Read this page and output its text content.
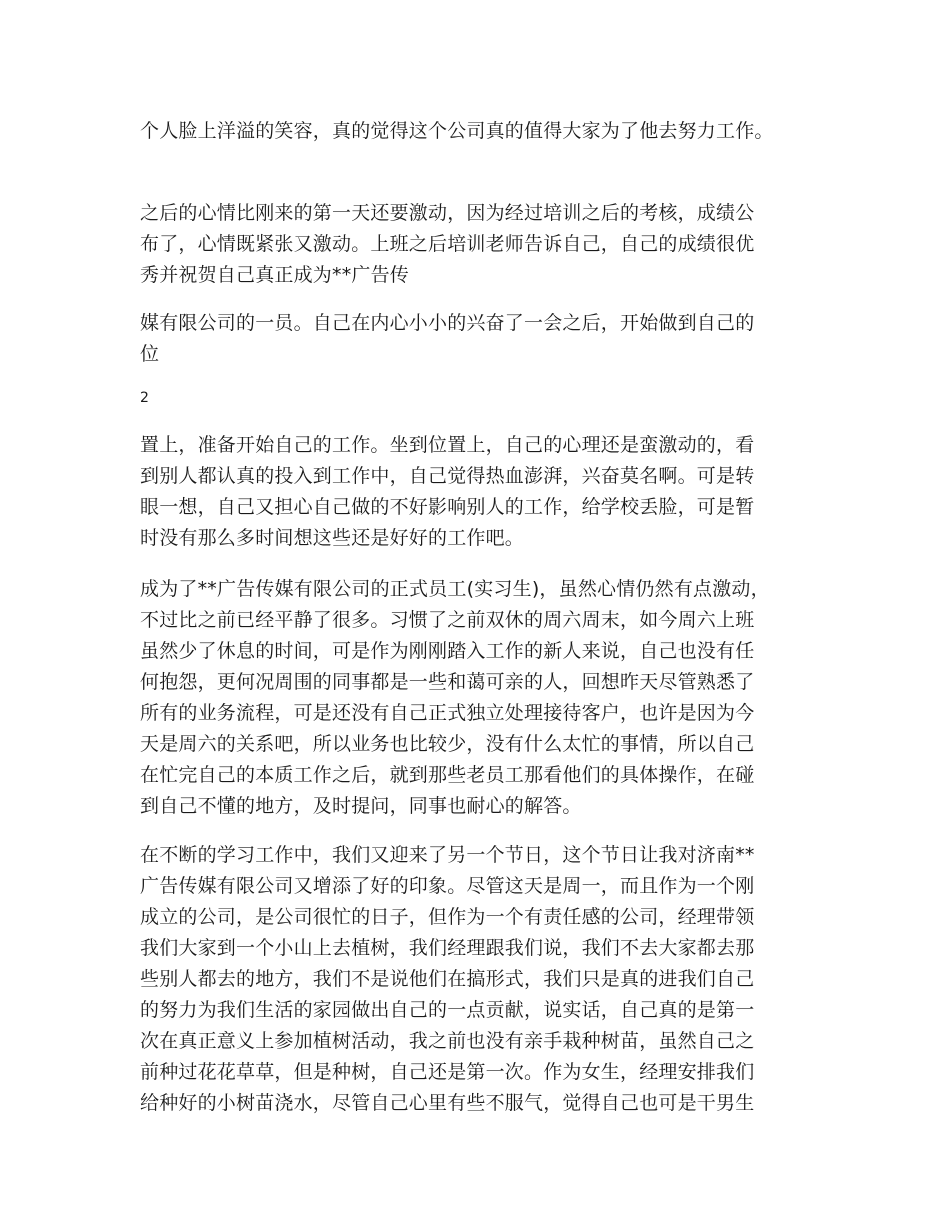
个人脸上洋溢的笑容，真的觉得这个公司真的值得大家为了他去努力工作。

之后的心情比刚来的第一天还要激动，因为经过培训之后的考核，成绩公
布了，心情既紧张又激动。上班之后培训老师告诉自己，自己的成绩很优
秀并祝贺自己真正成为**广告传

媒有限公司的一员。自己在内心小小的兴奋了一会之后，开始做到自己的
位

2

置上，准备开始自己的工作。坐到位置上，自己的心理还是蛮激动的，看
到别人都认真的投入到工作中，自己觉得热血澎湃，兴奋莫名啊。可是转
眼一想，自己又担心自己做的不好影响别人的工作，给学校丢脸，可是暂
时没有那么多时间想这些还是好好的工作吧。

成为了**广告传媒有限公司的正式员工(实习生)，虽然心情仍然有点激动，
不过比之前已经平静了很多。习惯了之前双休的周六周末，如今周六上班
虽然少了休息的时间，可是作为刚刚踏入工作的新人来说，自己也没有任
何抱怨，更何况周围的同事都是一些和蔼可亲的人，回想昨天尽管熟悉了
所有的业务流程，可是还没有自己正式独立处理接待客户，也许是因为今
天是周六的关系吧，所以业务也比较少，没有什么太忙的事情，所以自己
在忙完自己的本质工作之后，就到那些老员工那看他们的具体操作，在碰
到自己不懂的地方，及时提问，同事也耐心的解答。

在不断的学习工作中，我们又迎来了另一个节日，这个节日让我对济南**
广告传媒有限公司又增添了好的印象。尽管这天是周一，而且作为一个刚
成立的公司，是公司很忙的日子，但作为一个有责任感的公司，经理带领
我们大家到一个小山上去植树，我们经理跟我们说，我们不去大家都去那
些别人都去的地方，我们不是说他们在搞形式，我们只是真的进我们自己
的努力为我们生活的家园做出自己的一点贡献，说实话，自己真的是第一
次在真正意义上参加植树活动，我之前也没有亲手栽种树苗，虽然自己之
前种过花花草草，但是种树，自己还是第一次。作为女生，经理安排我们
给种好的小树苗浇水，尽管自己心里有些不服气，觉得自己也可是干男生
